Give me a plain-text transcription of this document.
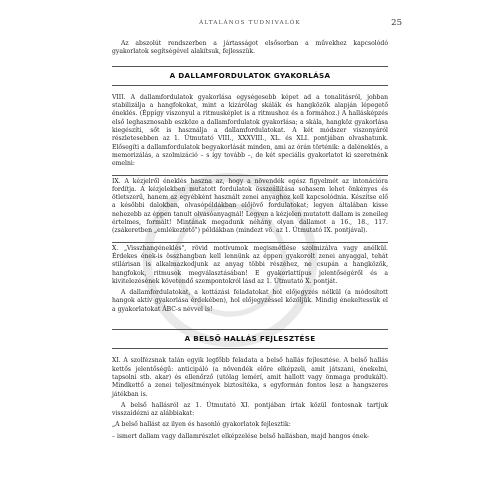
ÁLTALÁNOS TUDNIVALÓK	25

Az abszolút rendszerben a jártasságot elsősorban a művekhez kapcsolódó gyakorlatok segítségével alakítsuk, fejlesszük.

A DALLAMFORDULATOK GYAKORLÁSA

VIII. A dallamfordulatok gyakorlása egységesebb képet ad a tonalitásról, jobban stabilizálja a hangfokokat, mint a kizárólag skálák és hangközök alapján lépegető éneklés. (Éppígy viszonyul a ritmusképlet is a ritmushoz és a formához.) A hallásképzés első leghasznosabb eszköze a dallamfordulatok gyakorlása; a skála, hangköz gyakorlása kiegészíti, sőt is használja a dallamfordulatokat. A két módszer viszonyáról részletesebben az 1. Útmutató VIII., XXXVIII., XL. és XLI. pontjában olvashatunk. Elősegíti a dallamfordulatok begyakorlását minden, ami az órán történik: a daléneklés, a memorizálás, a szolmizáció – s így tovább –, de két speciális gyakorlatot ki szeretnénk emelni:

IX. A kézjelről éneklés haszna az, hogy a növendék egész figyelmét az intonációra fordítja. A kézjelekben mutatott fordulatok összeállítása sohasem lehet önkényes és ötletszerű, hanem az egyébként használt zenei anyaghoz kell kapcsolódnia. Készítse elő a későbbi dalokban, olvasópéldákban előjövő fordulatokat; legyen általában kisse nehezebb az éppen tanult olvasóanyagnál! Legyen a kézjelen mutatott dallam is zeneileg értelmes, formált! Mintának megadunk néhány olyan dallamot a 16., 18., 117. (zsákeretben „emlékeztető") példákban (mindezt vö. az 1. Útmutató IX. pontjával).

X. „Visszhangéneklés", rövid motívumok megismétlése szolmizálva vagy anélkül. Érdekes ének-is összhangban kell lennünk az éppen gyakorolt zenei anyaggal, tehát stilárisan is alkalmazkodjunk az anyag többi részéhez, ne csupán a hangközök, hangfokok, ritmusok megválasztásában! E gyakorlattípus jelentőségéről és a kivitelezésének követendő szempontokról lásd az 1. Útmutató X. pontját.

A dallamfordulatokat, a kottázási feladatokat hol előjegyzés nélkül (a módosított hangok aktív gyakorlása érdekében), hol előjegyzéssel közöljük. Mindig énekeltessük el a gyakorlatokat ÁBC-s névvel is!

A BELSŐ HALLÁS FEJLESZTÉSE

XI. A szolfézsnak talán egyik legfőbb feladata a belső hallás fejlesztése. A belső hallás kettős jelentőségű: anticipáló (a növendék előre elképzeli, amit játszani, énekelni, tapsolni stb. akar) és ellenőrző (utólag lemérí, amit hallott vagy önmaga produkált). Mindkettő a zenei teljesítmények biztosítéka, s egyformán fontos lesz a hangszeres játékban is.

A belső hallásról az 1. Útmutató XI. pontjában írtak közül fontosnak tartjuk visszaidézni az alábbiakat:

„A belső hallást az ilyen és hasonló gyakorlatok fejlesztik:

– ismert dallam vagy dallamrészlet elképzelése belső hallásban, majd hangos ének-
